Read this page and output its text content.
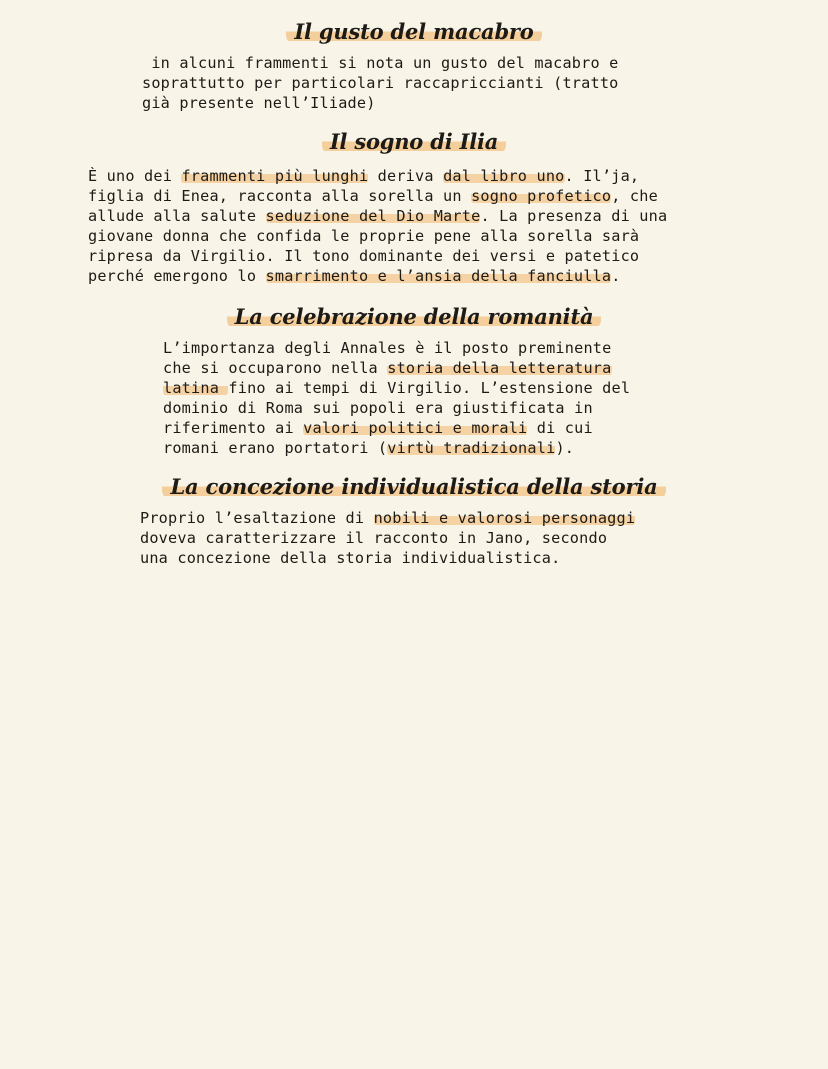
Il gusto del macabro
in alcuni frammenti si nota un gusto del macabro e
soprattutto per particolari raccapriccianti (tratto
già presente nell’Iliade)
Il sogno di Ilia
È uno dei frammenti più lunghi deriva dal libro uno. Il’ja,
figlia di Enea, racconta alla sorella un sogno profetico, che
allude alla salute seduzione del Dio Marte. La presenza di una
giovane donna che confida le proprie pene alla sorella sarà
ripresa da Virgilio. Il tono dominante dei versi e patetico
perché emergono lo smarrimento e l’ansia della fanciulla.
La celebrazione della romanità
L’importanza degli Annales è il posto preminente
che si occuparono nella storia della letteratura
latina fino ai tempi di Virgilio. L’estensione del
dominio di Roma sui popoli era giustificata in
riferimento ai valori politici e morali di cui
romani erano portatori (virtù tradizionali).
La concezione individualistica della storia
Proprio l’esaltazione di nobili e valorosi personaggi
doveva caratterizzare il racconto in Jano, secondo
una concezione della storia individualistica.
